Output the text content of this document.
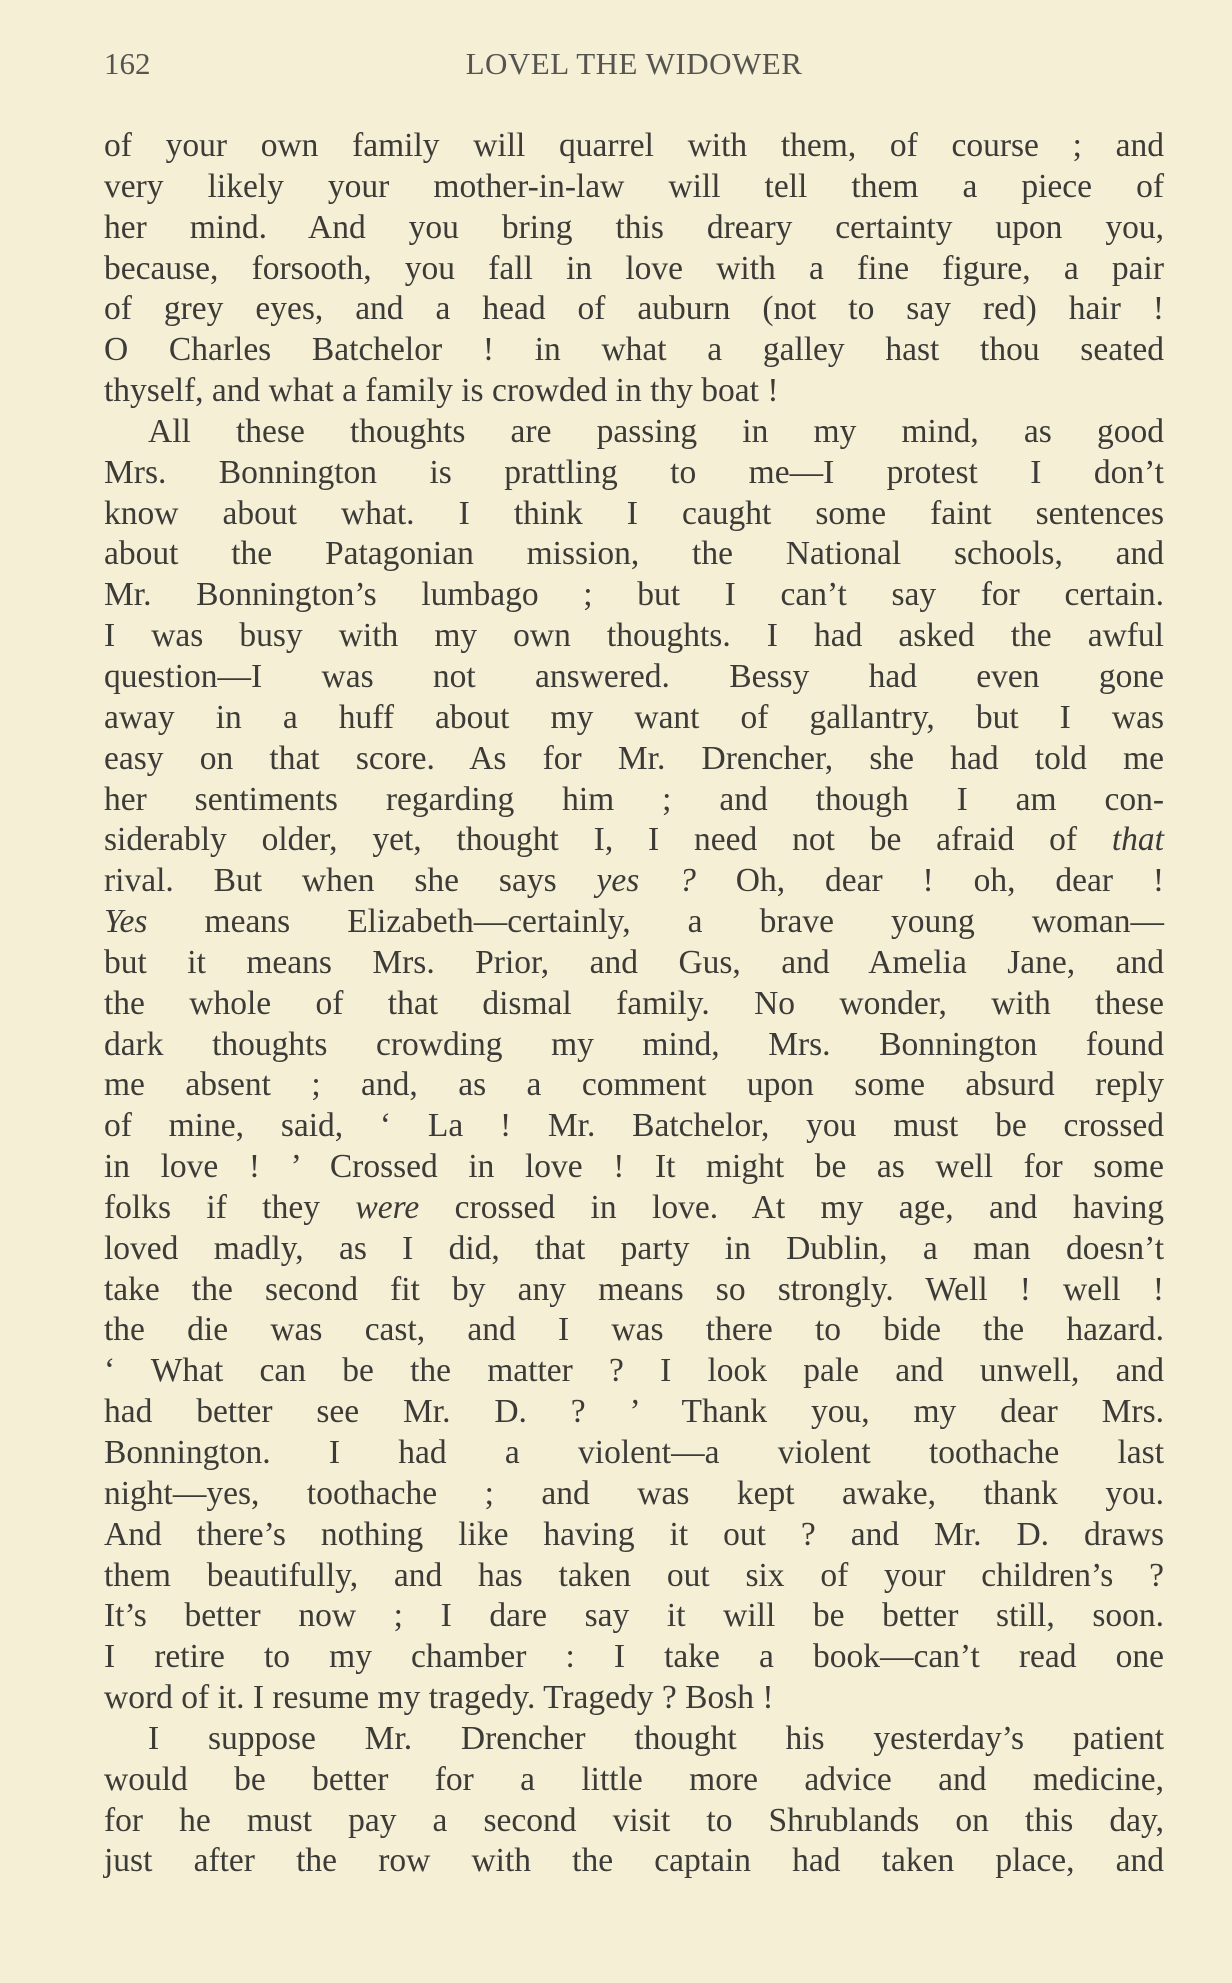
162	LOVEL THE WIDOWER
of your own family will quarrel with them, of course ; and
very likely your mother-in-law will tell them a piece of
her mind. And you bring this dreary certainty upon you,
because, forsooth, you fall in love with a fine figure, a pair
of grey eyes, and a head of auburn (not to say red) hair !
O Charles Batchelor ! in what a galley hast thou seated
thyself, and what a family is crowded in thy boat !
All these thoughts are passing in my mind, as good
Mrs. Bonnington is prattling to me—I protest I don’t
know about what. I think I caught some faint sentences
about the Patagonian mission, the National schools, and
Mr. Bonnington’s lumbago ; but I can’t say for certain.
I was busy with my own thoughts. I had asked the awful
question—I was not answered. Bessy had even gone
away in a huff about my want of gallantry, but I was
easy on that score. As for Mr. Drencher, she had told me
her sentiments regarding him ; and though I am con-
siderably older, yet, thought I, I need not be afraid of that
rival. But when she says yes ? Oh, dear ! oh, dear !
Yes means Elizabeth—certainly, a brave young woman—
but it means Mrs. Prior, and Gus, and Amelia Jane, and
the whole of that dismal family. No wonder, with these
dark thoughts crowding my mind, Mrs. Bonnington found
me absent ; and, as a comment upon some absurd reply
of mine, said, ‘ La ! Mr. Batchelor, you must be crossed
in love ! ’ Crossed in love ! It might be as well for some
folks if they were crossed in love. At my age, and having
loved madly, as I did, that party in Dublin, a man doesn’t
take the second fit by any means so strongly. Well ! well !
the die was cast, and I was there to bide the hazard.
‘ What can be the matter ? I look pale and unwell, and
had better see Mr. D. ? ’ Thank you, my dear Mrs.
Bonnington. I had a violent—a violent toothache last
night—yes, toothache ; and was kept awake, thank you.
And there’s nothing like having it out ? and Mr. D. draws
them beautifully, and has taken out six of your children’s ?
It’s better now ; I dare say it will be better still, soon.
I retire to my chamber : I take a book—can’t read one
word of it. I resume my tragedy. Tragedy ? Bosh !
I suppose Mr. Drencher thought his yesterday’s patient
would be better for a little more advice and medicine,
for he must pay a second visit to Shrublands on this day,
just after the row with the captain had taken place, and
